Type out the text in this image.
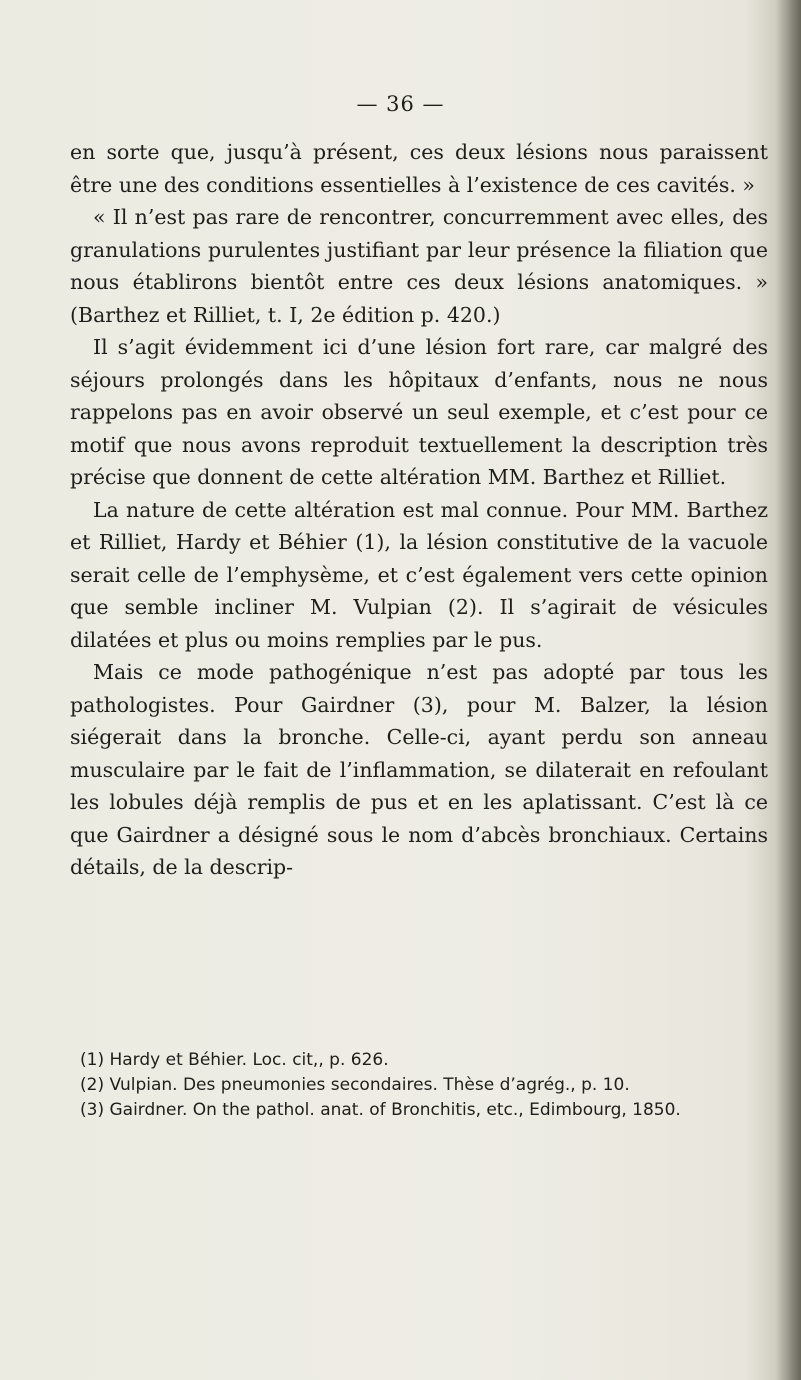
— 36 —

en sorte que, jusqu’à présent, ces deux lésions nous paraissent être une des conditions essentielles à l’existence de ces cavités. »

« Il n’est pas rare de rencontrer, concurremment avec elles, des granulations purulentes justifiant par leur présence la filiation que nous établirons bientôt entre ces deux lésions anatomiques. » (Barthez et Rilliet, t. I, 2e édition p. 420.)

Il s’agit évidemment ici d’une lésion fort rare, car malgré des séjours prolongés dans les hôpitaux d’enfants, nous ne nous rappelons pas en avoir observé un seul exemple, et c’est pour ce motif que nous avons reproduit textuellement la description très précise que donnent de cette altération MM. Barthez et Rilliet.

La nature de cette altération est mal connue. Pour MM. Barthez et Rilliet, Hardy et Béhier (1), la lésion constitutive de la vacuole serait celle de l’emphysème, et c’est également vers cette opinion que semble incliner M. Vulpian (2). Il s’agirait de vésicules dilatées et plus ou moins remplies par le pus.

Mais ce mode pathogénique n’est pas adopté par tous les pathologistes. Pour Gairdner (3), pour M. Balzer, la lésion siégerait dans la bronche. Celle-ci, ayant perdu son anneau musculaire par le fait de l’inflammation, se dilaterait en refoulant les lobules déjà remplis de pus et en les aplatissant. C’est là ce que Gairdner a désigné sous le nom d’abcès bronchiaux. Certains détails, de la descrip-

(1) Hardy et Béhier. Loc. cit,, p. 626.

(2) Vulpian. Des pneumonies secondaires. Thèse d’agrég., p. 10.

(3) Gairdner. On the pathol. anat. of Bronchitis, etc., Edimbourg, 1850.
